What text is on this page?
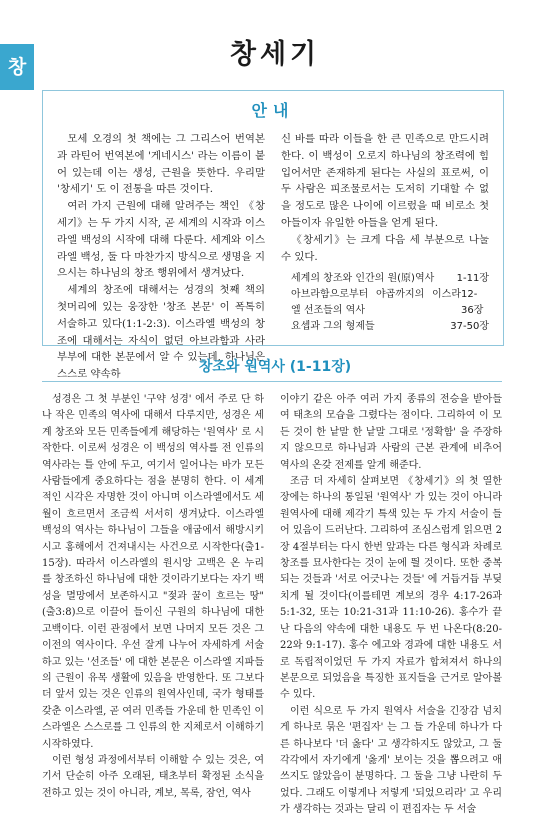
창	창세기
안내

모세 오경의 첫 책에는 그 그리스어 번역본과 라틴어 번역본에 '게네시스' 라는 이름이 붙어 있는데 이는 생성, 근원을 뜻한다. 우리말 '창세기' 도 이 전통을 따른 것이다.

여러 가지 근원에 대해 알려주는 책인 《창세기》는 두 가지 시작, 곧 세계의 시작과 이스라엘 백성의 시작에 대해 다룬다. 세계와 이스라엘 백성, 둘 다 마찬가지 방식으로 생명을 지으시는 하나님의 창조 행위에서 생겨났다.

세계의 창조에 대해서는 성경의 첫째 책의 첫머리에 있는 웅장한 '창조 본문' 이 폭톡히 서술하고 있다(1:1-2:3). 이스라엘 백성의 창조에 대해서는 자식이 없던 아브라함과 사라 부부에 대한 본문에서 알 수 있는데, 하나님은 스스로 약속하

신 바를 따라 이들을 한 큰 민족으로 만드시려 한다. 이 백성이 오로지 하나님의 창조력에 힘입어서만 존재하게 된다는 사실의 표로써, 이 두 사람은 피조물로서는 도저히 기대할 수 없을 정도로 많은 나이에 이르렀을 때 비로소 첫 아들이자 유일한 아들을 얻게 된다.

《창세기》는 크게 다음 세 부분으로 나눌 수 있다.

세계의 창조와 인간의 원(原)역사 1-11장
아브라함으로부터 야곱까지의 이스라엘 선조들의 역사
12-36장
요셉과 그의 형제들	37-50장
창조와 원역사 (1-11장)

성경은 그 첫 부분인 '구약 성경' 에서 주로 단 하나 작은 민족의 역사에 대해서 다루지만, 성경은 세계 창조와 모든 민족들에게 해당하는 '원역사' 로 시작한다. 이로써 성경은 이 백성의 역사를 전 인류의 역사라는 틀 안에 두고, 여기서 일어나는 바가 모든 사람들에게 중요하다는 점을 분명히 한다. 이 세계적인 시각은 자명한 것이 아니며 이스라엘에서도 세월이 흐르면서 조금씩 서서히 생겨났다. 이스라엘 백성의 역사는 하나님이 그들을 애굽에서 해방시키시고 홍해에서 건져내시는 사건으로 시작한다(출1-15장). 따라서 이스라엘의 원시앙 고백은 온 누리를 창조하신 하나님에 대한 것이라기보다는 자기 백성을 멸망에서 보존하시고 "젖과 꿀이 흐르는 땅"(출3:8)으로 이끌어 들이신 구원의 하나님에 대한 고백이다. 이런 관점에서 보면 나머지 모든 것은 그 이전의 역사이다. 우선 잘게 나누어 자세하게 서술하고 있는 '선조들' 에 대한 본문은 이스라엘 지파들의 근원이 유목 생활에 있음을 반영한다. 또 그보다 더 앞서 있는 것은 인류의 원역사인데, 국가 형태를 갖춘 이스라엘, 곧 여러 민족들 가운데 한 민족인 이스라엘은 스스로를 그 인류의 한 지체로서 이해하기 시작하였다.

이런 형성 과정에서부터 이해할 수 있는 것은, 여기서 단순히 아주 오래된, 태초부터 확정된 소식을 전하고 있는 것이 아니라, 계보, 목록, 잠언, 역사

이야기 같은 아주 여러 가지 종류의 전승을 받아들여 태초의 모습을 그렸다는 점이다. 그리하여 이 모든 것이 한 낱말 한 낱말 그대로 '정확함' 을 주장하지 않으므로 하나님과 사람의 근본 관계에 비추어 역사의 온갖 전제를 알게 해준다.

조금 더 자세히 살펴보면 《창세기》의 첫 열한 장에는 하나의 통일된 '원역사' 가 있는 것이 아니라 원역사에 대해 제각기 특색 있는 두 가지 서술이 들어 있음이 드러난다. 그리하여 조심스럽게 읽으면 2장 4절부터는 다시 한번 앞과는 다른 형식과 차례로 창조를 묘사한다는 것이 눈에 띌 것이다. 또한 중복되는 것들과 '서로 어긋나는 것들' 에 거듭거듭 부딪치게 될 것이다(이를테면 계보의 경우 4:17-26과 5:1-32, 또는 10:21-31과 11:10-26). 홍수가 끝난 다음의 약속에 대한 내용도 두 번 나온다(8:20-22와 9:1-17). 홍수 에고와 경과에 대한 내용도 서로 독립적이었던 두 가지 자료가 합쳐져서 하나의 본문으로 되었음을 특징한 표지들을 근거로 알아볼 수 있다.

이런 식으로 두 가지 원역사 서술을 긴장감 넘치게 하나로 묶은 '편집자' 는 그 들 가운데 하나가 다른 하나보다 '더 옳다' 고 생각하지도 않았고, 그 둘 각각에서 자기에게 '옳게' 보이는 것을 뽑으려고 애쓰지도 않았음이 분명하다. 그 둘을 그냥 나란히 두었다. 그래도 이렇게나 저렇게 '되었으리라' 고 우리가 생각하는 것과는 달리 이 편집자는 두 서술
